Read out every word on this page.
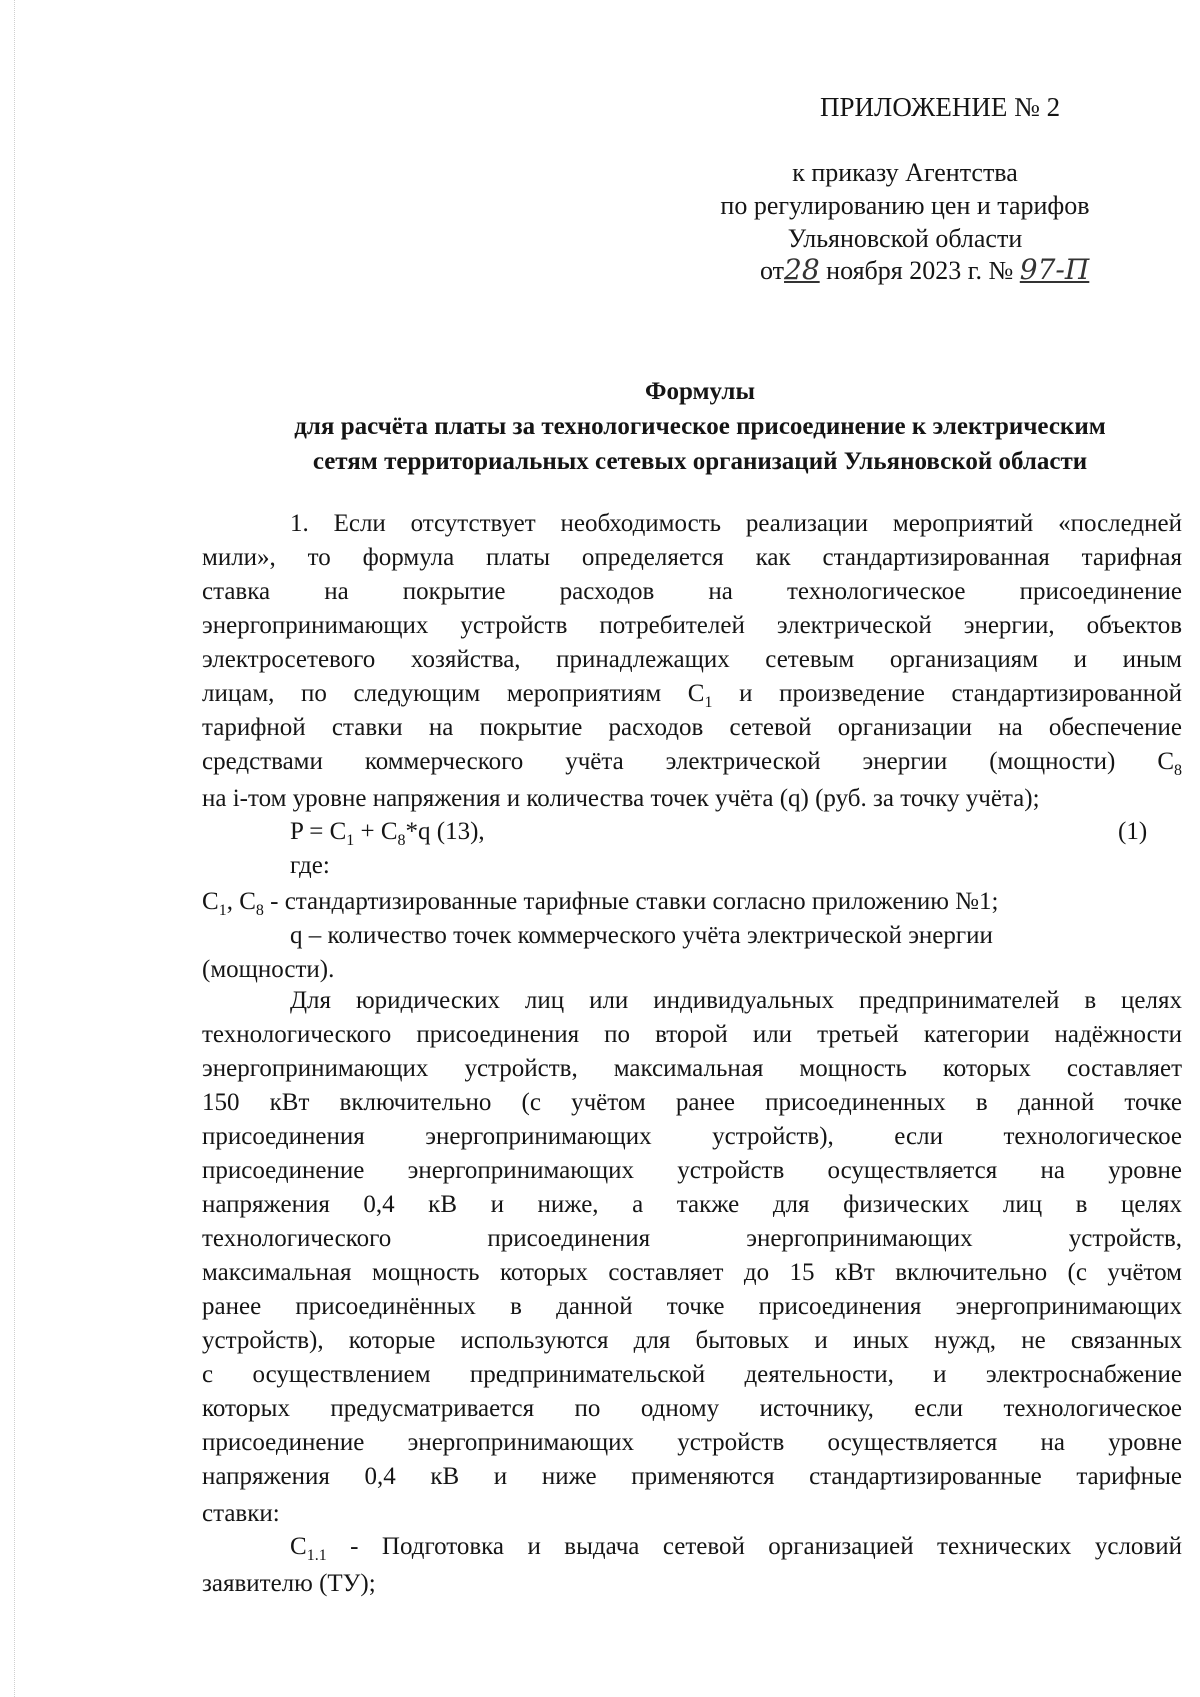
ПРИЛОЖЕНИЕ № 2
к приказу Агентства
по регулированию цен и тарифов
Ульяновской области
от28 ноября 2023 г. № 97-П
Формулы
для расчёта платы за технологическое присоединение к электрическим
сетям территориальных сетевых организаций Ульяновской области
1. Если отсутствует необходимость реализации мероприятий «последней
мили», то формула платы определяется как стандартизированная тарифная
ставка на покрытие расходов на технологическое присоединение
энергопринимающих устройств потребителей электрической энергии, объектов
электросетевого хозяйства, принадлежащих сетевым организациям и иным
лицам, по следующим мероприятиям $C_1$ и произведение стандартизированной
тарифной ставки на покрытие расходов сетевой организации на обеспечение
средствами коммерческого учёта электрической энергии (мощности) $C_8$
на i-том уровне напряжения и количества точек учёта (q) (руб. за точку учёта);
$P = C_1 + C_8*q$ (13),	(1)
где:
$C_1$, $C_8$ - стандартизированные тарифные ставки согласно приложению №1;
q – количество точек коммерческого учёта электрической энергии
(мощности).
Для юридических лиц или индивидуальных предпринимателей в целях
технологического присоединения по второй или третьей категории надёжности
энергопринимающих устройств, максимальная мощность которых составляет
150 кВт включительно (с учётом ранее присоединенных в данной точке
присоединения энергопринимающих устройств), если технологическое
присоединение энергопринимающих устройств осуществляется на уровне
напряжения 0,4 кВ и ниже, а также для физических лиц в целях
технологического присоединения энергопринимающих устройств,
максимальная мощность которых составляет до 15 кВт включительно (с учётом
ранее присоединённых в данной точке присоединения энергопринимающих
устройств), которые используются для бытовых и иных нужд, не связанных
с осуществлением предпринимательской деятельности, и электроснабжение
которых предусматривается по одному источнику, если технологическое
присоединение энергопринимающих устройств осуществляется на уровне
напряжения 0,4 кВ и ниже применяются стандартизированные тарифные
ставки:
$C_{1.1}$ - Подготовка и выдача сетевой организацией технических условий
заявителю (ТУ);
